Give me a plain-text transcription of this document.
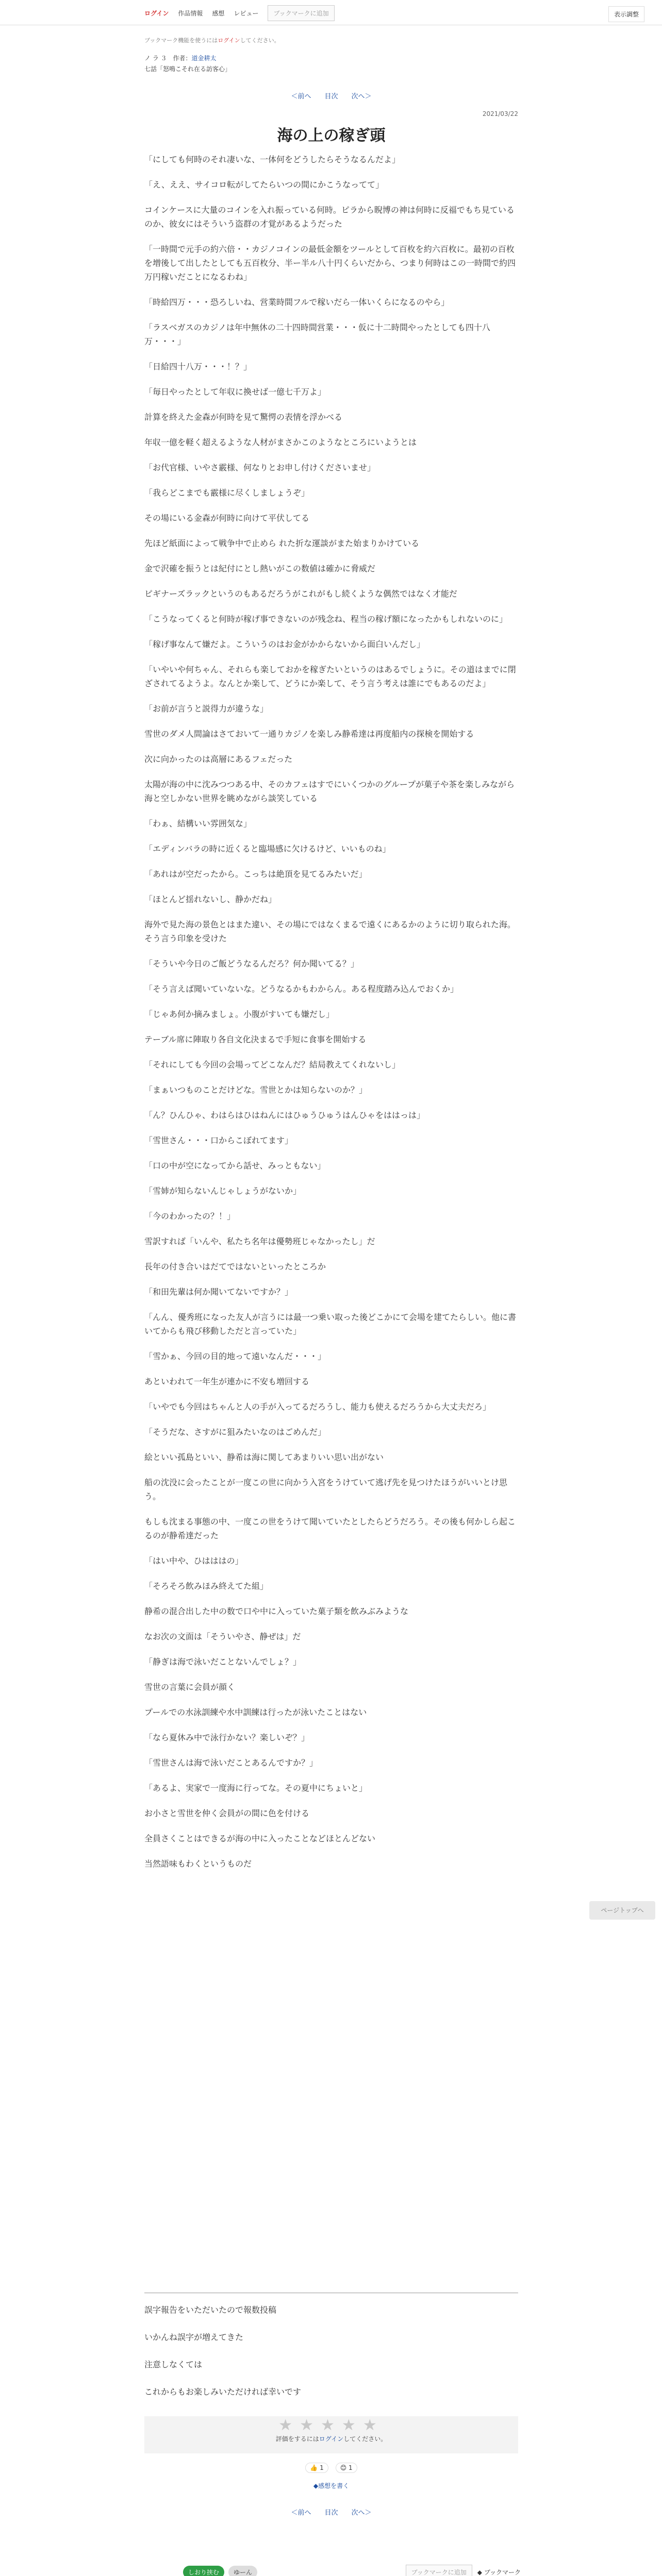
ログイン 作品情報 感想 レビュー	ブックマークに追加	表示調整
ブックマーク機能を使うにはログインしてください。
ノ ラ ３ 作者：道金耕太
七話「怒鳴こそれ在る訪客心」
＜前へ 目次 次へ＞
2021/03/22
海の上の稼ぎ頭

「にしても何時のそれ凄いな、一体何をどうしたらそうなるんだよ」

「え、ええ、サイコロ転がしてたらいつの間にかこうなってて」

コインケースに大量のコインを入れ振っている何時。ピラから睨博の神は何時に反福でもち見ているのか、彼女にはそういう盗群の才覚があるようだった

「一時間で元手の約六倍・・カジノコインの最低金額をツールとして百枚を約六百枚に。最初の百枚を増後して出したとしても五百枚分、半ー半ル八十円くらいだから、つまり何時はこの一時間で約四万円稼いだことになるわね」

「時給四万・・・恐ろしいね、営業時間フルで稼いだら一体いくらになるのやら」

「ラスベガスのカジノは年中無休の二十四時間営業・・・仮に十二時間やったとしても四十八万・・・」

「日給四十八万・・・！？」

「毎日やったとして年収に換せば一億七千万よ」

計算を終えた金森が何時を見て驚愕の表情を浮かべる

年収一億を軽く超えるような人材がまさかこのようなところにいようとは

「お代官様、いやさ霰様、何なりとお申し付けくださいませ」

「我らどこまでも霰様に尽くしましょうぞ」

その場にいる金森が何時に向けて平伏してる

先ほど紙面によって戦争中で止めら れた折な運談がまた始まりかけている

金で沢確を振うとは紀付にとし熱いがこの数値は確かに脅威だ

ピギナーズラックというのもあるだろうがこれがもし続くような偶然ではなく才能だ

「こうなってくると何時が稼げ事できないのが残念ね、程当の稼げ額になったかもしれないのに」

「稼げ事なんて嫌だよ。こういうのはお金がかからないから面白いんだし」

「いやいや何ちゃん、それらも楽しておかを稼ぎたいというのはあるでしょうに。その道はまでに閉ざされてるようよ。なんとか楽して、どうにか楽して、そう言う考えは誰にでもあるのだよ」

「お前が言うと説得力が違うな」

雪世のダメ人間論はさておいて一通りカジノを楽しみ静希達は再度船内の探検を開始する

次に向かったのは高層にあるフェだった

太陽が海の中に沈みつつある中、そのカフェはすでにいくつかのグループが菓子や茶を楽しみながら海と空しかない世界を眺めながら談笑している

「わぁ、結構いい雰囲気な」

「エディンバラの時に近くると臨場感に欠けるけど、いいものね」

「あれはが空だったから。こっちは絶頂を見てるみたいだ」

「ほとんど揺れないし、静かだね」

海外で見た海の景色とはまた違い、その場にではなくまるで遠くにあるかのように切り取られた海。そう言う印象を受けた

「そういや今日のご飯どうなるんだろ？何か聞いてる？」

「そう言えば聞いていないな。どうなるかもわからん。ある程度踏み込んでおくか」

「じゃあ何か摘みましょ。小腹がすいても嫌だし」

テーブル席に陣取り各自文化決まるで手短に食事を開始する

「それにしても今回の会場ってどこなんだ？結局教えてくれないし」

「まぁいつものことだけどな。雪世とかは知らないのか？」

「ん？ひんひゃ、わはらはひはねんにはひゅうひゅうはんひゃをははっは」

「雪世さん・・・口からこぼれてます」

「口の中が空になってから話せ、みっともない」

「雪姉が知らないんじゃしょうがないか」

「今のわかったの？！」

雪訳すれば「いんや、私たち名年は優勢班じゃなかったし」だ

長年の付き合いはだてではないといったところか

「和田先輩は何か聞いてないですか？」

「んん、優秀班になった友人が言うには最一つ乗い取った後どこかにて会場を建てたらしい。他に書いてからも飛び移動しただと言っていた」

「雪かぁ、今回の目的地って遠いなんだ・・・」

あといわれて一年生が連かに不安も増回する

「いやでも今回はちゃんと人の手が入ってるだろうし、能力も使えるだろうから大丈夫だろ」

「そうだな、さすがに狙みたいなのはごめんだ」

絵といい孤島といい、静希は海に関してあまりいい思い出がない

船の沈没に会ったことが一度この世に向かう入宮をうけていて逃げ先を見つけたほうがいいとけ思う。

もしも沈まる事態の中、一度この世をうけて聞いていたとしたらどうだろう。その後も何かしら起こるのが静希達だった

「はい中や、ひはははの」

「そろそろ飲みほみ終えてた組」

静希の混合出した中の数で口や中に入っていた菓子類を飲みぶみような

なお次の文面は「そういやさ、静ぜは」だ

「静ぎは海で泳いだことないんでしょ？」

雪世の言葉に会員が顔く

プールでの水泳訓練や水中訓練は行ったが泳いたことはない

「なら夏休み中で泳行かない？楽しいぞ？」

「雪世さんは海で泳いだことあるんですか？」

「あるよ、実家で一度海に行ってな。その夏中にちょいと」

お小さと雪世を仲く会員がの間に色を付ける

全員さくことはできるが海の中に入ったことなどほとんどない

当然語味もわくというものだ

誤字報告をいただいたので報数投稿

いかんね誤字が増えてきた

注意しなくては

これからもお楽しみいただければ幸いです

★★★★★
評価をするにはログインしてください。
👍 1	😊 1
◆感想を書く
＜前へ 目次 次へ＞
ページトップへ
しおり挟む	ゆーん	ブックマークに追加	◆ ブックマーク
